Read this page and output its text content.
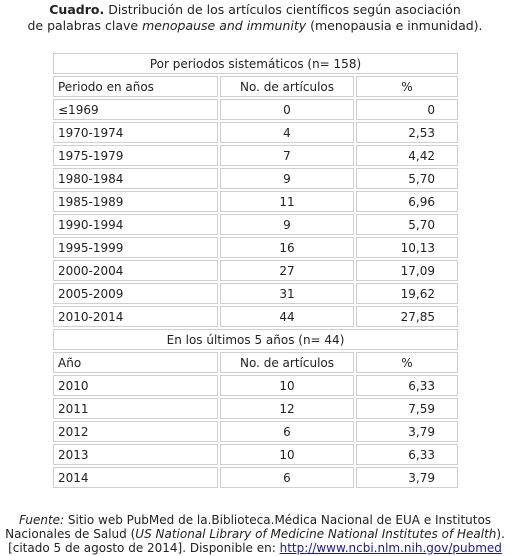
Cuadro. Distribución de los artículos científicos según asociación
de palabras clave menopause and immunity (menopausia e inmunidad).
Por periodos sistemáticos (n= 158)		
Periodo en años	No. de artículos	%
≤1969	0	0
1970-1974	4	2,53
1975-1979	7	4,42
1980-1984	9	5,70
1985-1989	11	6,96
1990-1994	9	5,70
1995-1999	16	10,13
2000-2004	27	17,09
2005-2009	31	19,62
2010-2014	44	27,85
En los últimos 5 años (n= 44)		
Año	No. de artículos	%
2010	10	6,33
2011	12	7,59
2012	6	3,79
2013	10	6,33
2014	6	3,79
Fuente: Sitio web PubMed de la.Biblioteca.Médica Nacional de EUA e Institutos
Nacionales de Salud (US National Library of Medicine National Institutes of Health).
[citado 5 de agosto de 2014]. Disponible en: http://www.ncbi.nlm.nih.gov/pubmed
